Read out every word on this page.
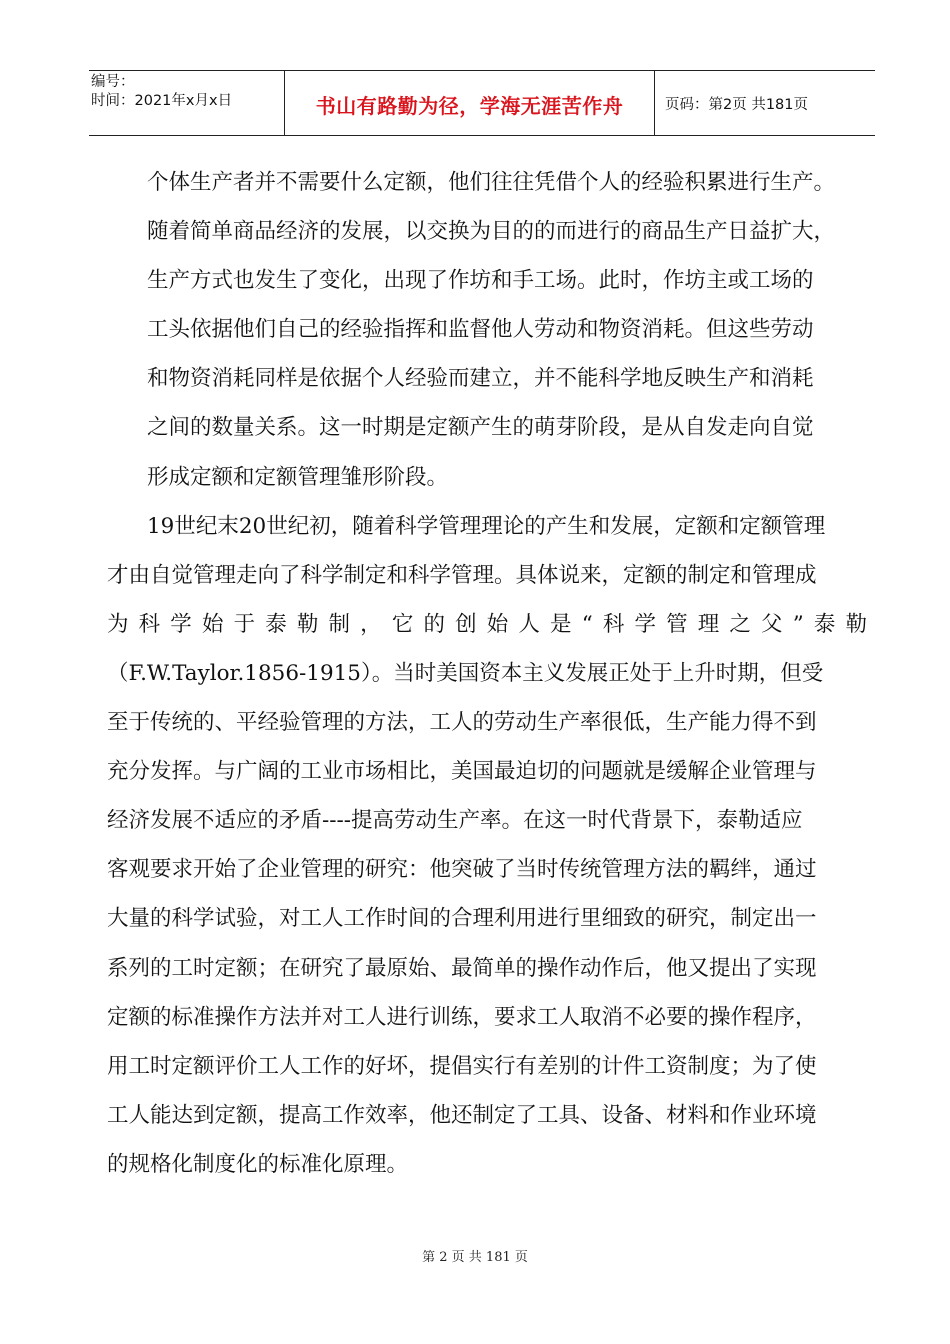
编号：
时间：2021年x月x日	书山有路勤为径，学海无涯苦作舟	页码：第2页 共181页
个体生产者并不需要什么定额，他们往往凭借个人的经验积累进行生产。
随着简单商品经济的发展，以交换为目的的而进行的商品生产日益扩大，
生产方式也发生了变化，出现了作坊和手工场。此时，作坊主或工场的
工头依据他们自己的经验指挥和监督他人劳动和物资消耗。但这些劳动
和物资消耗同样是依据个人经验而建立，并不能科学地反映生产和消耗
之间的数量关系。这一时期是定额产生的萌芽阶段，是从自发走向自觉
形成定额和定额管理雏形阶段。
19世纪末20世纪初，随着科学管理理论的产生和发展，定额和定额管理
才由自觉管理走向了科学制定和科学管理。具体说来，定额的制定和管理成
为科学始于泰勒制，它的创始人是“科学管理之父”泰勒
（F.W.Taylor.1856-1915）。当时美国资本主义发展正处于上升时期，但受
至于传统的、平经验管理的方法，工人的劳动生产率很低，生产能力得不到
充分发挥。与广阔的工业市场相比，美国最迫切的问题就是缓解企业管理与
经济发展不适应的矛盾----提高劳动生产率。在这一时代背景下，泰勒适应
客观要求开始了企业管理的研究：他突破了当时传统管理方法的羁绊，通过
大量的科学试验，对工人工作时间的合理利用进行里细致的研究，制定出一
系列的工时定额；在研究了最原始、最简单的操作动作后，他又提出了实现
定额的标准操作方法并对工人进行训练，要求工人取消不必要的操作程序，
用工时定额评价工人工作的好坏，提倡实行有差别的计件工资制度；为了使
工人能达到定额，提高工作效率，他还制定了工具、设备、材料和作业环境
的规格化制度化的标准化原理。
第 2 页 共 181 页
